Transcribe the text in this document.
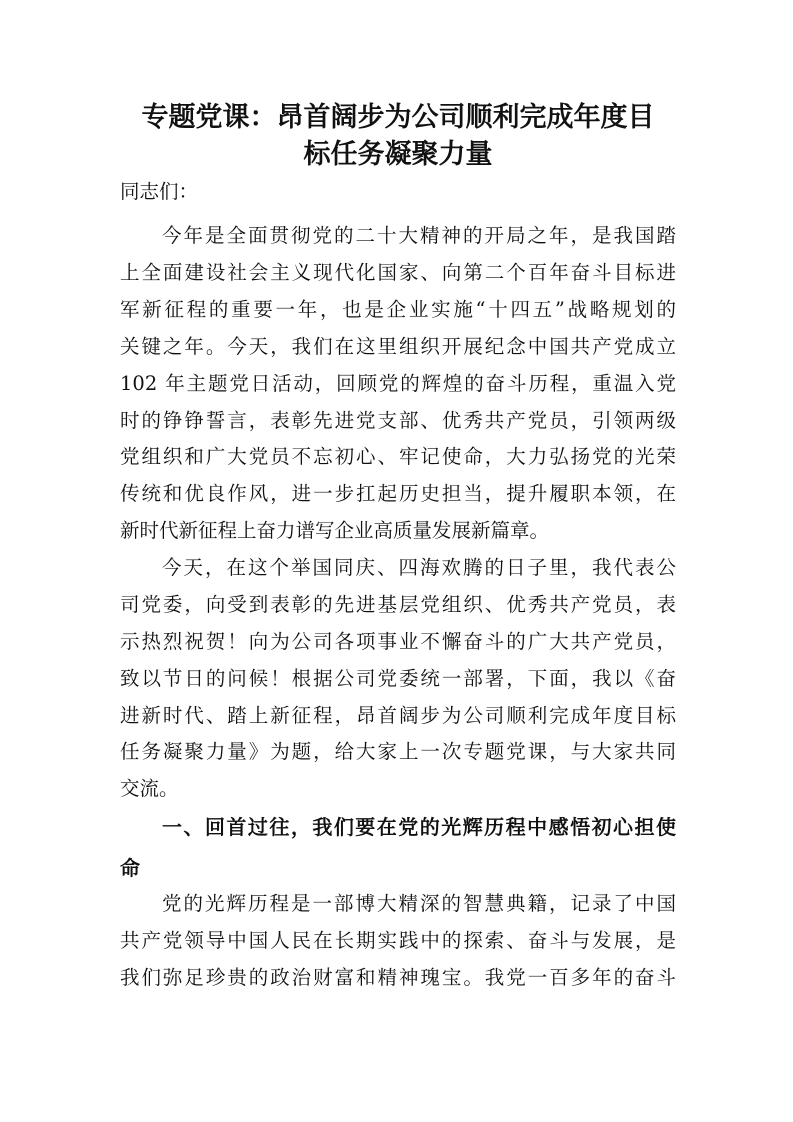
专题党课：昂首阔步为公司顺利完成年度目
标任务凝聚力量
同志们：
今年是全面贯彻党的二十大精神的开局之年，是我国踏
上全面建设社会主义现代化国家、向第二个百年奋斗目标进
军新征程的重要一年，也是企业实施“十四五”战略规划的
关键之年。今天，我们在这里组织开展纪念中国共产党成立
102 年主题党日活动，回顾党的辉煌的奋斗历程，重温入党
时的铮铮誓言，表彰先进党支部、优秀共产党员，引领两级
党组织和广大党员不忘初心、牢记使命，大力弘扬党的光荣
传统和优良作风，进一步扛起历史担当，提升履职本领，在
新时代新征程上奋力谱写企业高质量发展新篇章。
今天，在这个举国同庆、四海欢腾的日子里，我代表公
司党委，向受到表彰的先进基层党组织、优秀共产党员，表
示热烈祝贺！向为公司各项事业不懈奋斗的广大共产党员，
致以节日的问候！根据公司党委统一部署，下面，我以《奋
进新时代、踏上新征程，昂首阔步为公司顺利完成年度目标
任务凝聚力量》为题，给大家上一次专题党课，与大家共同
交流。
一、回首过往，我们要在党的光辉历程中感悟初心担使
命
党的光辉历程是一部博大精深的智慧典籍，记录了中国
共产党领导中国人民在长期实践中的探索、奋斗与发展，是
我们弥足珍贵的政治财富和精神瑰宝。我党一百多年的奋斗
